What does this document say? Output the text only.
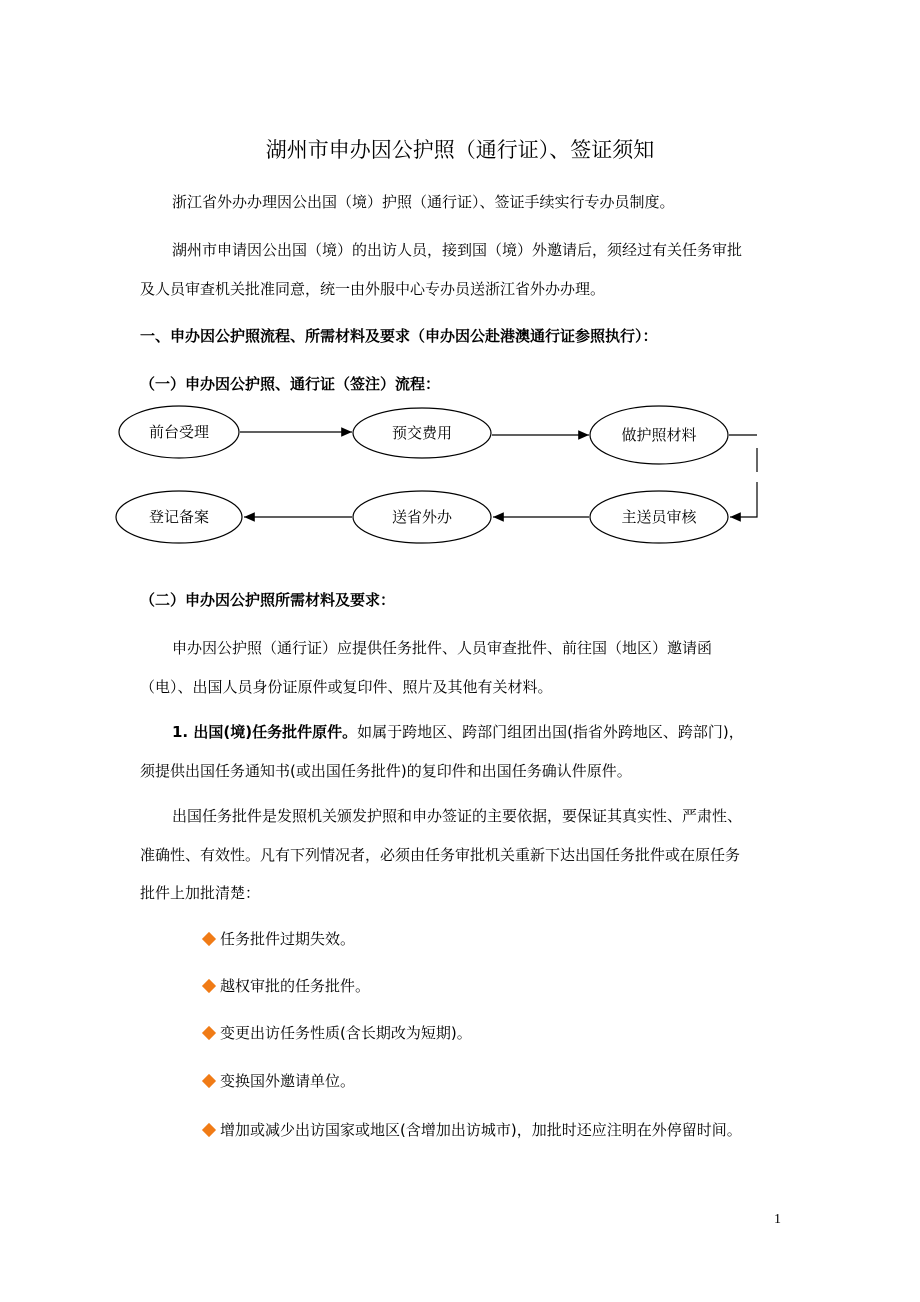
湖州市申办因公护照（通行证）、签证须知
浙江省外办办理因公出国（境）护照（通行证）、签证手续实行专办员制度。
湖州市申请因公出国（境）的出访人员，接到国（境）外邀请后，须经过有关任务审批
及人员审查机关批准同意，统一由外服中心专办员送浙江省外办办理。
一、申办因公护照流程、所需材料及要求（申办因公赴港澳通行证参照执行）：
（一）申办因公护照、通行证（签注）流程：
前台受理	预交费用	做护照材料
主送员审核
送省外办
登记备案
（二）申办因公护照所需材料及要求：
申办因公护照（通行证）应提供任务批件、人员审查批件、前往国（地区）邀请函
（电）、出国人员身份证原件或复印件、照片及其他有关材料。
1. 出国(境)任务批件原件。如属于跨地区、跨部门组团出国(指省外跨地区、跨部门)，
须提供出国任务通知书(或出国任务批件)的复印件和出国任务确认件原件。
出国任务批件是发照机关颁发护照和申办签证的主要依据，要保证其真实性、严肃性、
准确性、有效性。凡有下列情况者，必须由任务审批机关重新下达出国任务批件或在原任务
批件上加批清楚：
任务批件过期失效。
越权审批的任务批件。
变更出访任务性质(含长期改为短期)。
变换国外邀请单位。
增加或减少出访国家或地区(含增加出访城市)，加批时还应注明在外停留时间。
1
